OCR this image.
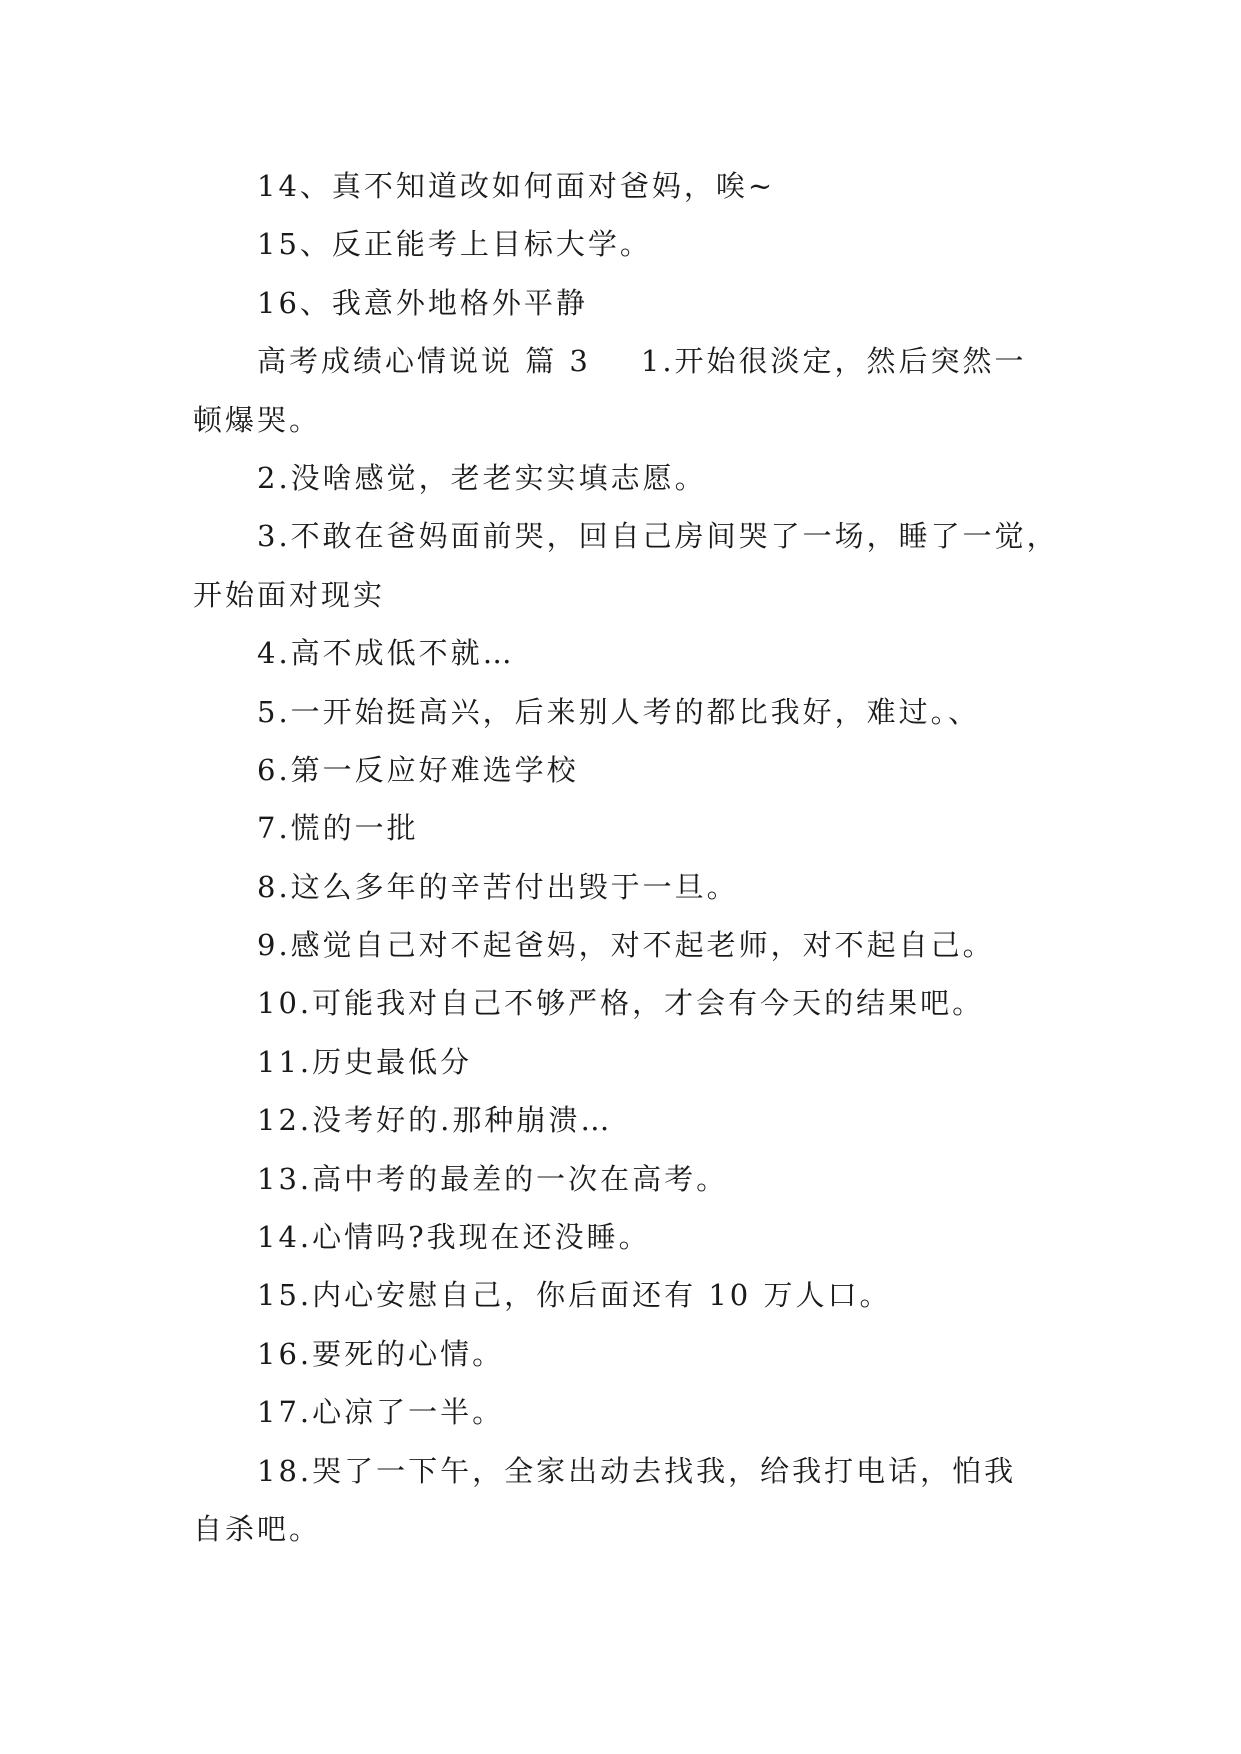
14、真不知道改如何面对爸妈，唉~
15、反正能考上目标大学。
16、我意外地格外平静
高考成绩心情说说 篇 3 1.开始很淡定，然后突然一
顿爆哭。
2.没啥感觉，老老实实填志愿。
3.不敢在爸妈面前哭，回自己房间哭了一场，睡了一觉，
开始面对现实
4.高不成低不就…
5.一开始挺高兴，后来别人考的都比我好，难过。、
6.第一反应好难选学校
7.慌的一批
8.这么多年的辛苦付出毁于一旦。
9.感觉自己对不起爸妈，对不起老师，对不起自己。
10.可能我对自己不够严格，才会有今天的结果吧。
11.历史最低分
12.没考好的.那种崩溃…
13.高中考的最差的一次在高考。
14.心情吗?我现在还没睡。
15.内心安慰自己，你后面还有 10 万人口。
16.要死的心情。
17.心凉了一半。
18.哭了一下午，全家出动去找我，给我打电话，怕我
自杀吧。
